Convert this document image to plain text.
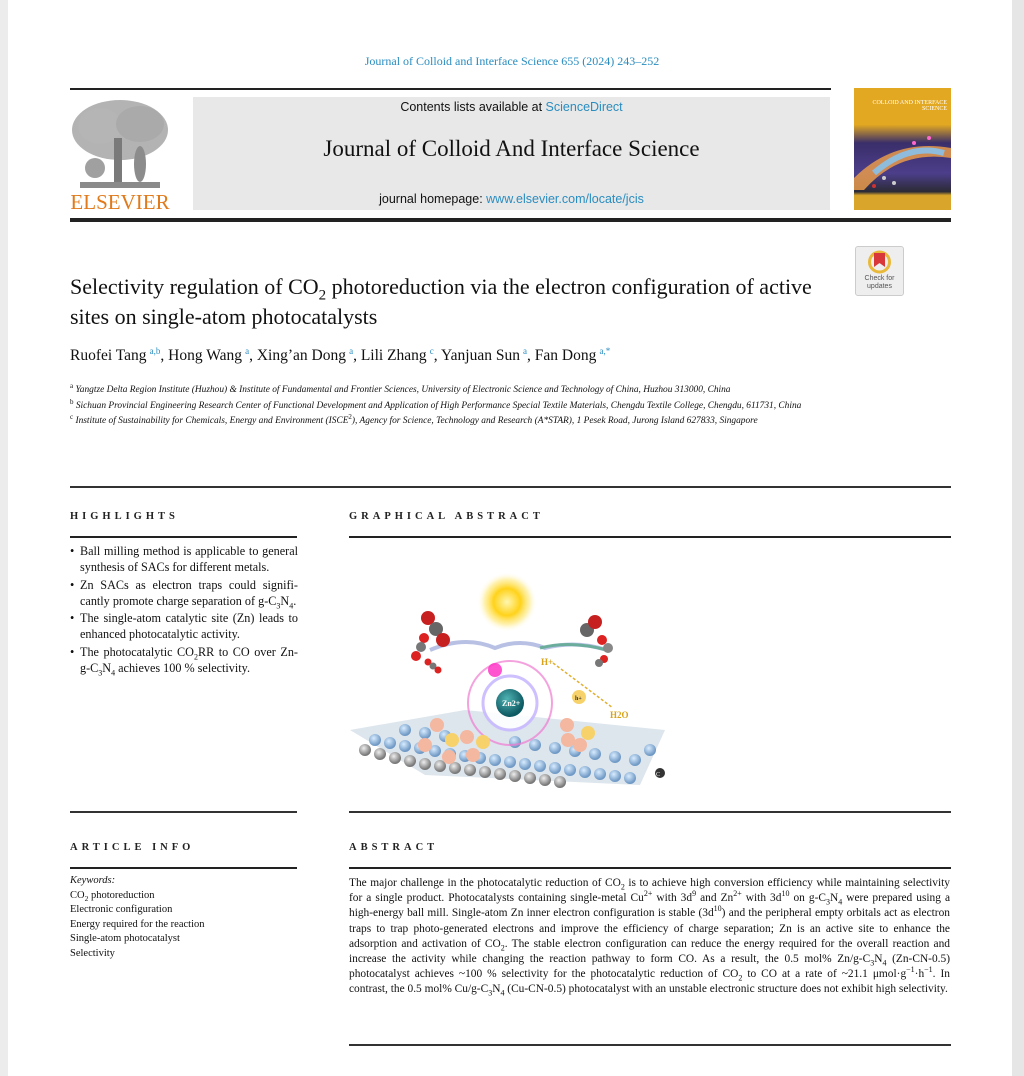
Journal of Colloid and Interface Science 655 (2024) 243–252
ELSEVIER
Contents lists available at ScienceDirect
Journal of Colloid And Interface Science
journal homepage: www.elsevier.com/locate/jcis
COLLOID AND INTERFACE SCIENCE
Check for updates
Selectivity regulation of $CO_2$ photoreduction via the electron configuration of active sites on single-atom photocatalysts
Ruofei Tang  $^{a,b}$, Hong Wang  $^a$, Xing’an Dong  $^a$, Lili Zhang  $^c$, Yanjuan Sun  $^a$, Fan Dong  $^{a,*}$
$^a$ Yangtze Delta Region Institute (Huzhou) & Institute of Fundamental and Frontier Sciences, University of Electronic Science and Technology of China, Huzhou 313000, China
$^b$ Sichuan Provincial Engineering Research Center of Functional Development and Application of High Performance Special Textile Materials, Chengdu Textile College, Chengdu, 611731, China
$^c$ Institute of Sustainability for Chemicals, Energy and Environment (ISCE$^2$), Agency for Science, Technology and Research (A*STAR), 1 Pesek Road, Jurong Island 627833, Singapore
HIGHLIGHTS	GRAPHICAL ABSTRACT
• Ball milling method is applicable to general synthesis of SACs for different metals.
• Zn SACs as electron traps could signifi-cantly promote charge separation of $g-C_3N_4$.
• The single-atom catalytic site (Zn) leads to enhanced photocatalytic activity.
• The photocatalytic $CO_2RR$ to CO over $Zn-g-C_3N_4$ achieves 100 % selectivity.
C
Zn2+
H+
H2O
h+
ARTICLE INFO	ABSTRACT
Keywords:
$CO_2$ photoreduction
Electronic configuration
Energy required for the reaction
Single-atom photocatalyst
Selectivity
The major challenge in the photocatalytic reduction of $CO_2$ is to achieve high conversion efficiency while maintaining selectivity for a single product. Photocatalysts containing single-metal $Cu^{2+}$ with $3d^9$ and $Zn^{2+}$ with $3d^{10}$ on $g-C_3N_4$ were prepared using a high-energy ball mill. Single-atom Zn inner electron configuration is stable $(3d^{10})$ and the peripheral empty orbitals act as electron traps to trap photo-generated electrons and improve the efficiency of charge separation; Zn is an active site to enhance the adsorption and activation of $CO_2$. The stable electron configuration can reduce the energy required for the overall reaction and increase the activity while changing the reaction pathway to form CO. As a result, the 0.5 mol% $Zn/g-C_3N_4$ (Zn-CN-0.5) photocatalyst achieves ~100 % selectivity for the photocatalytic reduction of $CO_2$ to CO at a rate of ~21.1 $\mu mol\cdot g^{-1}\cdot h^{-1}$. In contrast, the 0.5 mol% $Cu/g-C_3N_4$ (Cu-CN-0.5) photocatalyst with an unstable electronic structure does not exhibit high selectivity.
